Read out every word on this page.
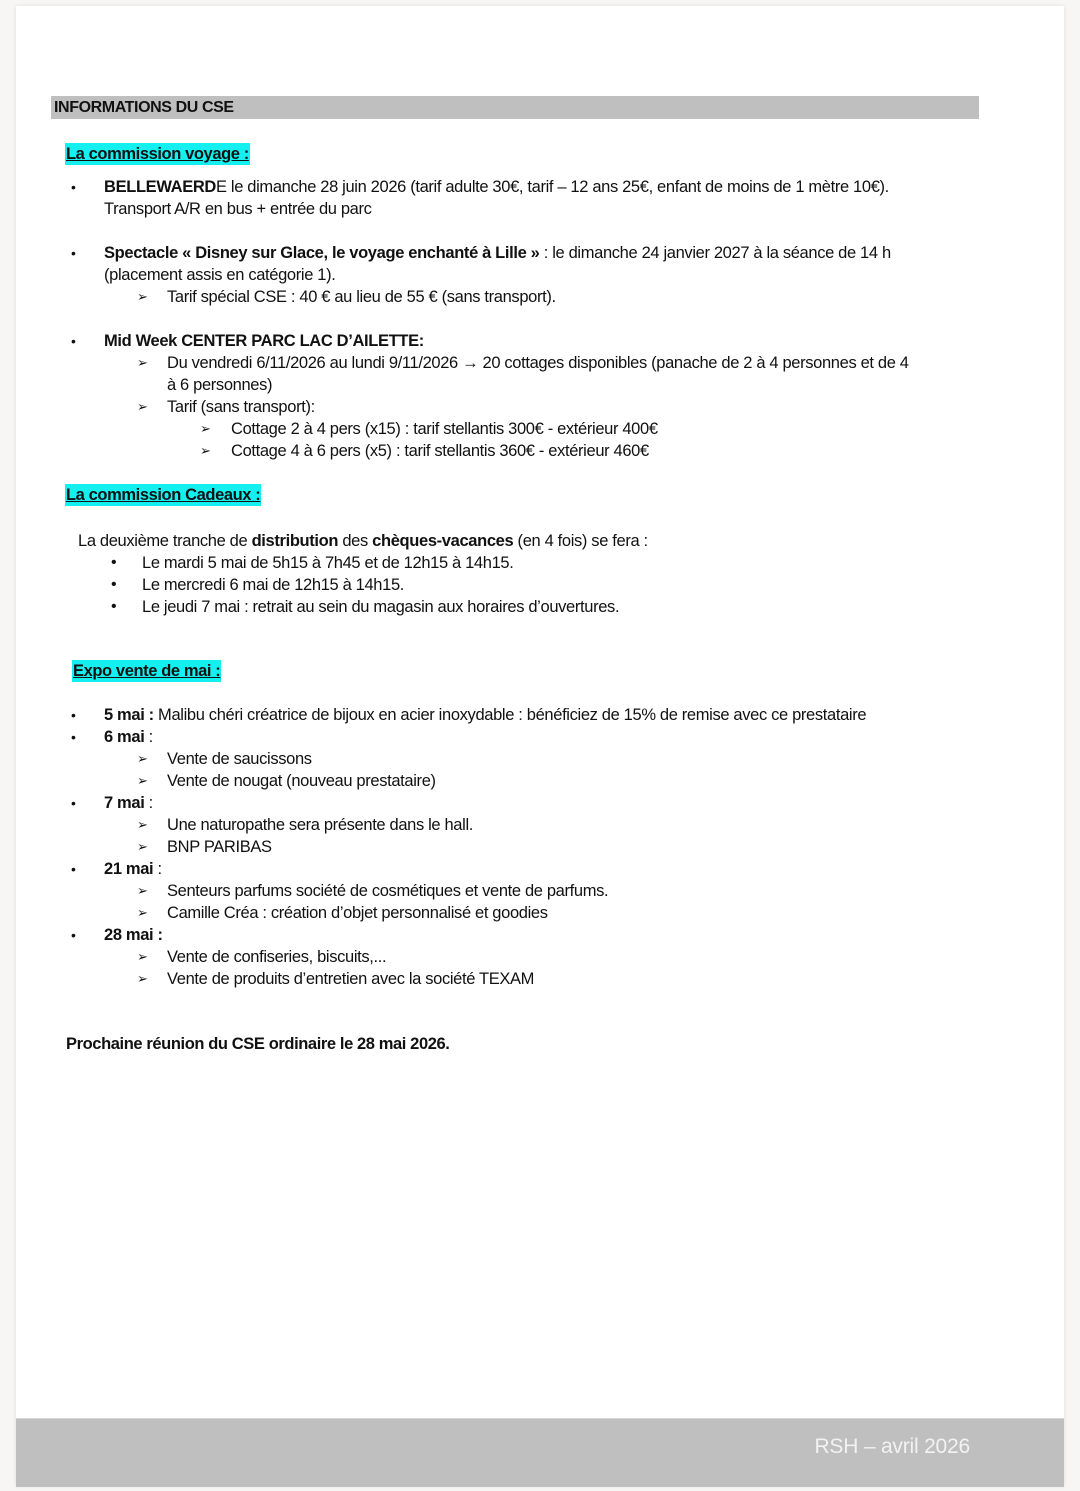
INFORMATIONS DU CSE
La commission voyage :
• BELLEWAERDE le dimanche 28 juin 2026 (tarif adulte 30€, tarif – 12 ans 25€, enfant de moins de 1 mètre 10€).
Transport A/R en bus + entrée du parc
• Spectacle « Disney sur Glace, le voyage enchanté à Lille » : le dimanche 24 janvier 2027 à la séance de 14 h
(placement assis en catégorie 1).
➢ Tarif spécial CSE : 40 € au lieu de 55 € (sans transport).
• Mid Week CENTER PARC LAC D’AILETTE:
➢ Du vendredi 6/11/2026 au lundi 9/11/2026 → 20 cottages disponibles (panache de 2 à 4 personnes et de 4
à 6 personnes)
➢ Tarif (sans transport):
➢ Cottage 2 à 4 pers (x15) : tarif stellantis 300€ - extérieur 400€
➢ Cottage 4 à 6 pers (x5) : tarif stellantis 360€ - extérieur 460€
La commission Cadeaux :
La deuxième tranche de distribution des chèques-vacances (en 4 fois) se fera :
• Le mardi 5 mai de 5h15 à 7h45 et de 12h15 à 14h15.
• Le mercredi 6 mai de 12h15 à 14h15.
• Le jeudi 7 mai : retrait au sein du magasin aux horaires d’ouvertures.
Expo vente de mai :
• 5 mai : Malibu chéri créatrice de bijoux en acier inoxydable : bénéficiez de 15% de remise avec ce prestataire
• 6 mai :
➢ Vente de saucissons
➢ Vente de nougat (nouveau prestataire)
• 7 mai :
➢ Une naturopathe sera présente dans le hall.
➢ BNP PARIBAS
• 21 mai :
➢ Senteurs parfums société de cosmétiques et vente de parfums.
➢ Camille Créa : création d’objet personnalisé et goodies
• 28 mai :
➢ Vente de confiseries, biscuits,...
➢ Vente de produits d’entretien avec la société TEXAM
Prochaine réunion du CSE ordinaire le 28 mai 2026.
RSH – avril 2026
